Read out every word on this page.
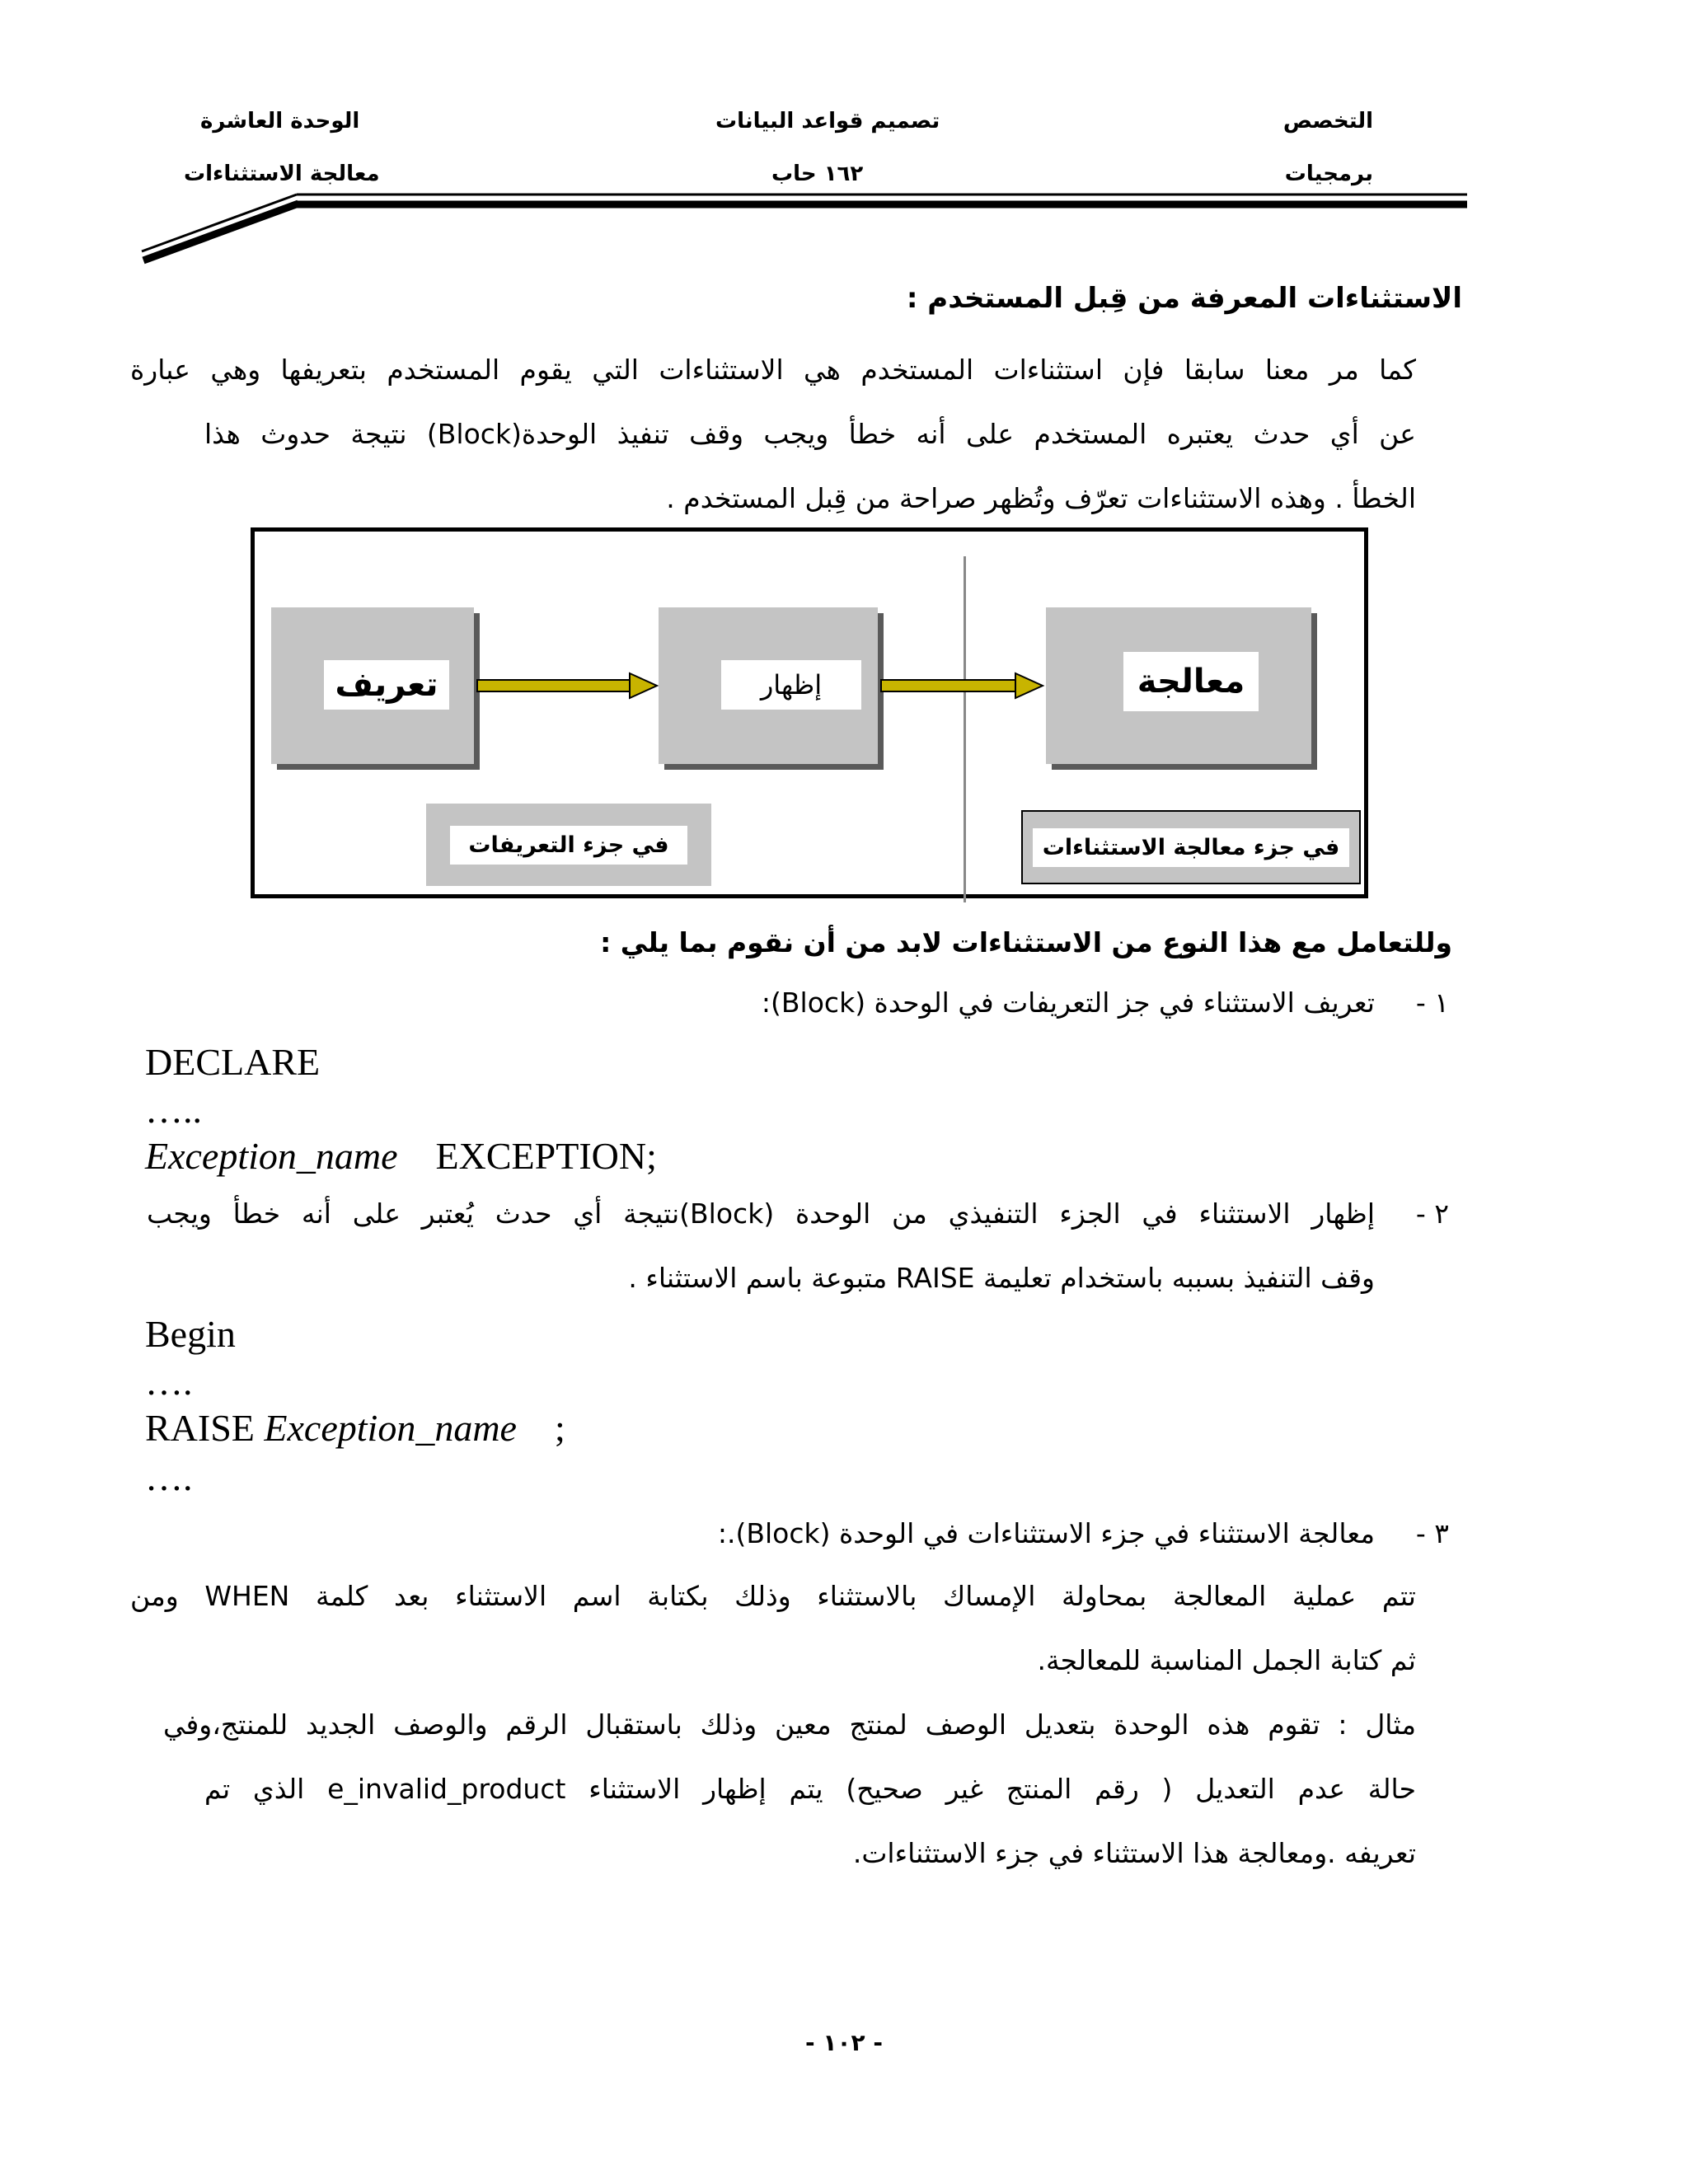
التخصص
برمجيات
تصميم قواعد البيانات
١٦٢ حاب
الوحدة العاشرة
معالجة الاستثناءات
الاستثناءات المعرفة من قِبل المستخدم :
كما مر معنا سابقا فإن استثناءات المستخدم هي الاستثناءات التي يقوم المستخدم بتعريفها وهي عبارة
عن أي حدث يعتبره المستخدم على أنه خطأ ويجب وقف تنفيذ الوحدة(Block) نتيجة حدوث هذا
الخطأ . وهذه الاستثناءات تعرّف وتُظهر صراحة من قِبل المستخدم .
تعريف	إظهار	معالجة
في جزء التعريفات	في جزء معالجة الاستثناءات
وللتعامل مع هذا النوع من الاستثناءات لابد من أن نقوم بما يلي :
١ -
تعريف الاستثناء في جز التعريفات في الوحدة (Block):
DECLARE
…..
Exception_name EXCEPTION;
٢ -
إظهار الاستثناء في الجزء التنفيذي من الوحدة (Block)نتيجة أي حدث يُعتبر على أنه خطأ ويجب
وقف التنفيذ بسببه باستخدام تعليمة RAISE متبوعة باسم الاستثناء .
Begin
….
RAISE Exception_name ;
….
٣ -
معالجة الاستثناء في جزء الاستثناءات في الوحدة (Block).:
تتم عملية المعالجة بمحاولة الإمساك بالاستثناء وذلك بكتابة اسم الاستثناء بعد كلمة WHEN ومن
ثم كتابة الجمل المناسبة للمعالجة.
مثال : تقوم هذه الوحدة بتعديل الوصف لمنتج معين وذلك باستقبال الرقم والوصف الجديد للمنتج،وفي
حالة عدم التعديل ( رقم المنتج غير صحيح) يتم إظهار الاستثناء e_invalid_product الذي تم
تعريفه .ومعالجة هذا الاستثناء في جزء الاستثناءات.
- ١٠٢ -
